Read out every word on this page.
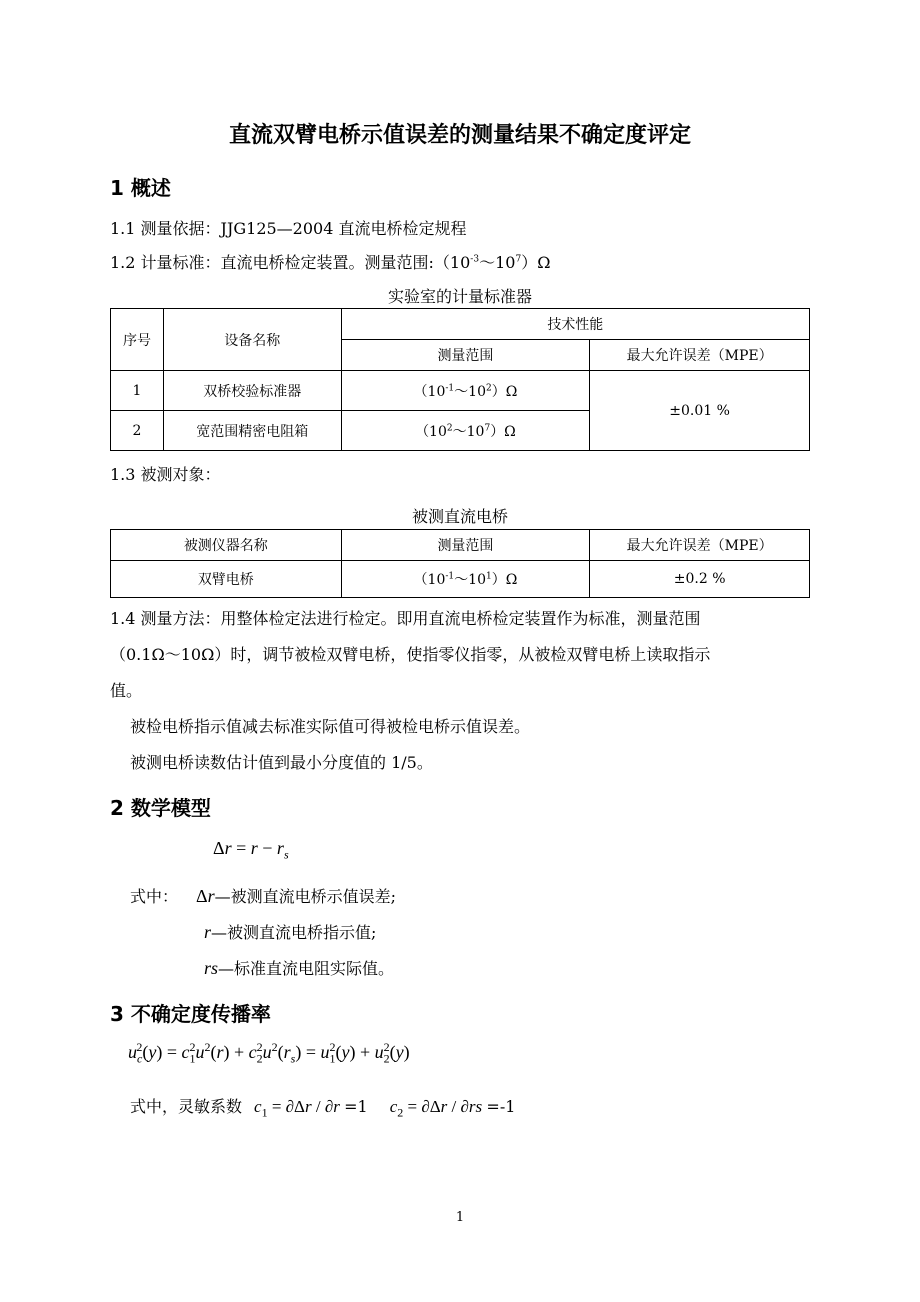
直流双臂电桥示值误差的测量结果不确定度评定
1 概述
1.1 测量依据：JJG125—2004 直流电桥检定规程
1.2 计量标准：直流电桥检定装置。测量范围$:(10^{-3}\sim 10^7)\Omega$
实验室的计量标准器
序号	设备名称	技术性能	
		测量范围	最大允许误差（MPE）
1	双桥校验标准器	$(10^{-1}\sim 10^2)\Omega$	±0.01 %
2	宽范围精密电阻箱	$(10^2\sim 10^7)\Omega$	
1.3 被测对象：
被测直流电桥
被测仪器名称	测量范围	最大允许误差（MPE）
双臂电桥	$(10^{-1}\sim 10^1)\Omega$	±0.2 %
1.4 测量方法：用整体检定法进行检定。即用直流电桥检定装置作为标准，测量范围
（0.1Ω～10Ω）时，调节被检双臂电桥，使指零仪指零，从被检双臂电桥上读取指示
值。
被检电桥指示值减去标准实际值可得被检电桥示值误差。
被测电桥读数估计值到最小分度值的 1/5。
2 数学模型
$\Delta r = r - r_s$
式中： Δr—被测直流电桥示值误差;
r—被测直流电桥指示值;
rs—标准直流电阻实际值。
3 不确定度传播率
$u_c^2(y) = c_1^2u^2(r) + c_2^2u^2(r_s) = u_1^2(y) + u_2^2(y)$
式中，灵敏系数 $c_1 = \partial\Delta r / \partial r =1$ $c_2 = \partial\Delta r / \partial rs =-1$
1
